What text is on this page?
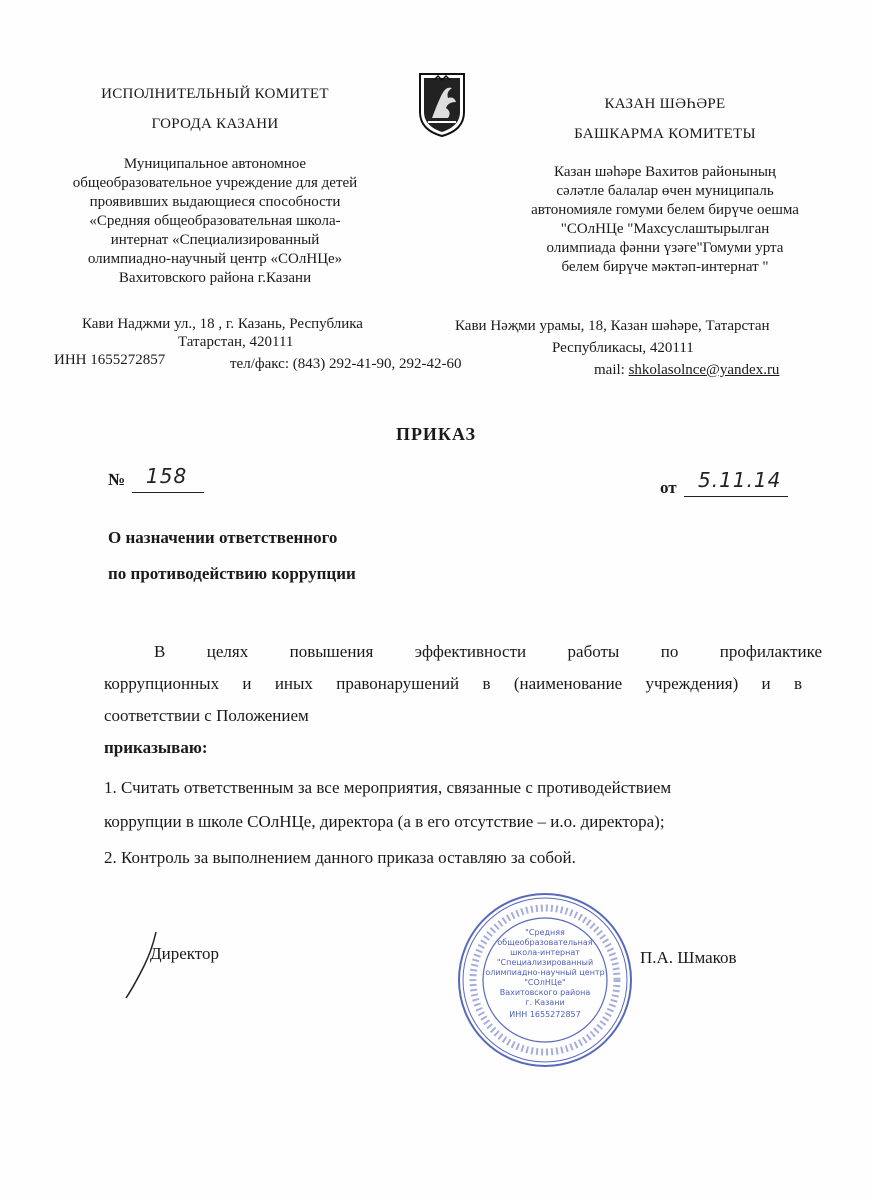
ИСПОЛНИТЕЛЬНЫЙ КОМИТЕТ
ГОРОДА КАЗАНИ
Муниципальное автономное
общеобразовательное учреждение для детей
проявивших выдающиеся способности
«Средняя общеобразовательная школа-
интернат «Специализированный
олимпиадно-научный центр «СОлНЦе»
Вахитовского района г.Казани
Кави Наджми ул., 18 , г. Казань, Республика
Татарстан, 420111
ИНН 1655272857	тел/факс: (843) 292-41-90, 292-42-60
КАЗАН ШӘҺӘРЕ
БАШКАРМА КОМИТЕТЫ
Казан шәһәре Вахитов районының
сәләтле балалар өчен муниципаль
автономияле гомуми белем бирүче оешма
"СОлНЦе "Махсуслаштырылган
олимпиада фәнни үзәге"Гомуми урта
белем бирүче мәктәп-интернат "
Кави Нәҗми урамы, 18, Казан шәһәре, Татарстан
Республикасы, 420111
mail: shkolasolnce@yandex.ru
ПРИКАЗ
№ 158	от 5.11.14
О назначении ответственного
по противодействию коррупции
В целях повышения эффективности работы по профилактике
коррупционных и иных правонарушений в (наименование учреждения) и в
соответствии с Положением
приказываю:
1. Считать ответственным за все мероприятия, связанные с противодействием
коррупции в школе СОлНЦе, директора (а в его отсутствие – и.о. директора);
2. Контроль за выполнением данного приказа оставляю за собой.
Директор	П.А. Шмаков
"Средняя
общеобразовательная
школа-интернат
"Специализированный
олимпиадно-научный центр
"СОлНЦе"
Вахитовского района
г. Казани
ИНН 1655272857
